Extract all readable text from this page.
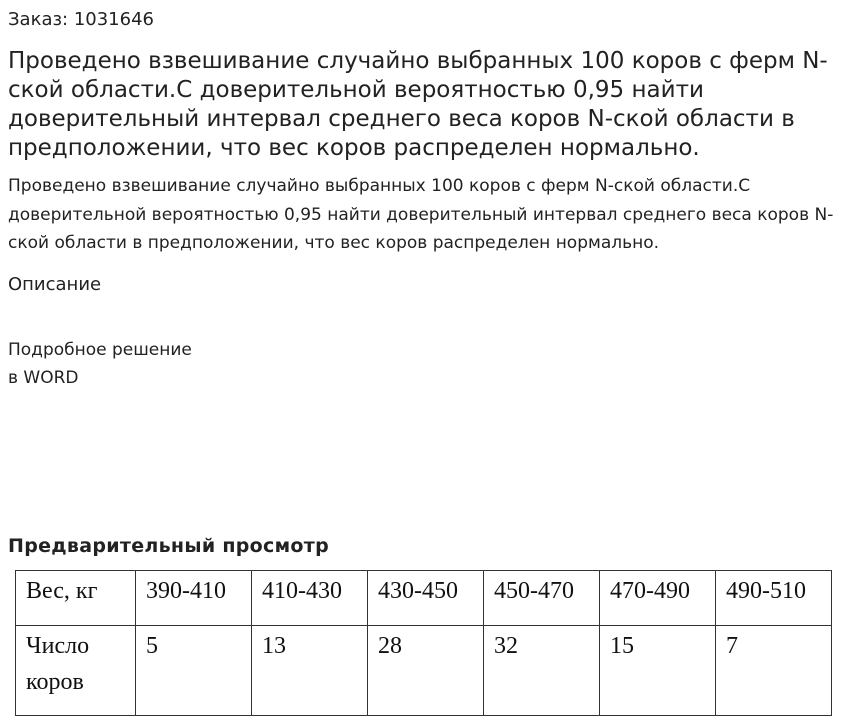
Заказ: 1031646
Проведено взвешивание случайно выбранных 100 коров с ферм N-ской области.С доверительной вероятностью 0,95 найти доверительный интервал среднего веса коров N-ской области в предположении, что вес коров распределен нормально.

Проведено взвешивание случайно выбранных 100 коров с ферм N-ской области.С доверительной вероятностью 0,95 найти доверительный интервал среднего веса коров N-ской области в предположении, что вес коров распределен нормально.

Описание
Подробное решение
в WORD
Предварительный просмотр
Вес, кг	390-410	410-430	430-450	450-470	470-490	490-510

Число
коров	5	13	28	32	15	7
